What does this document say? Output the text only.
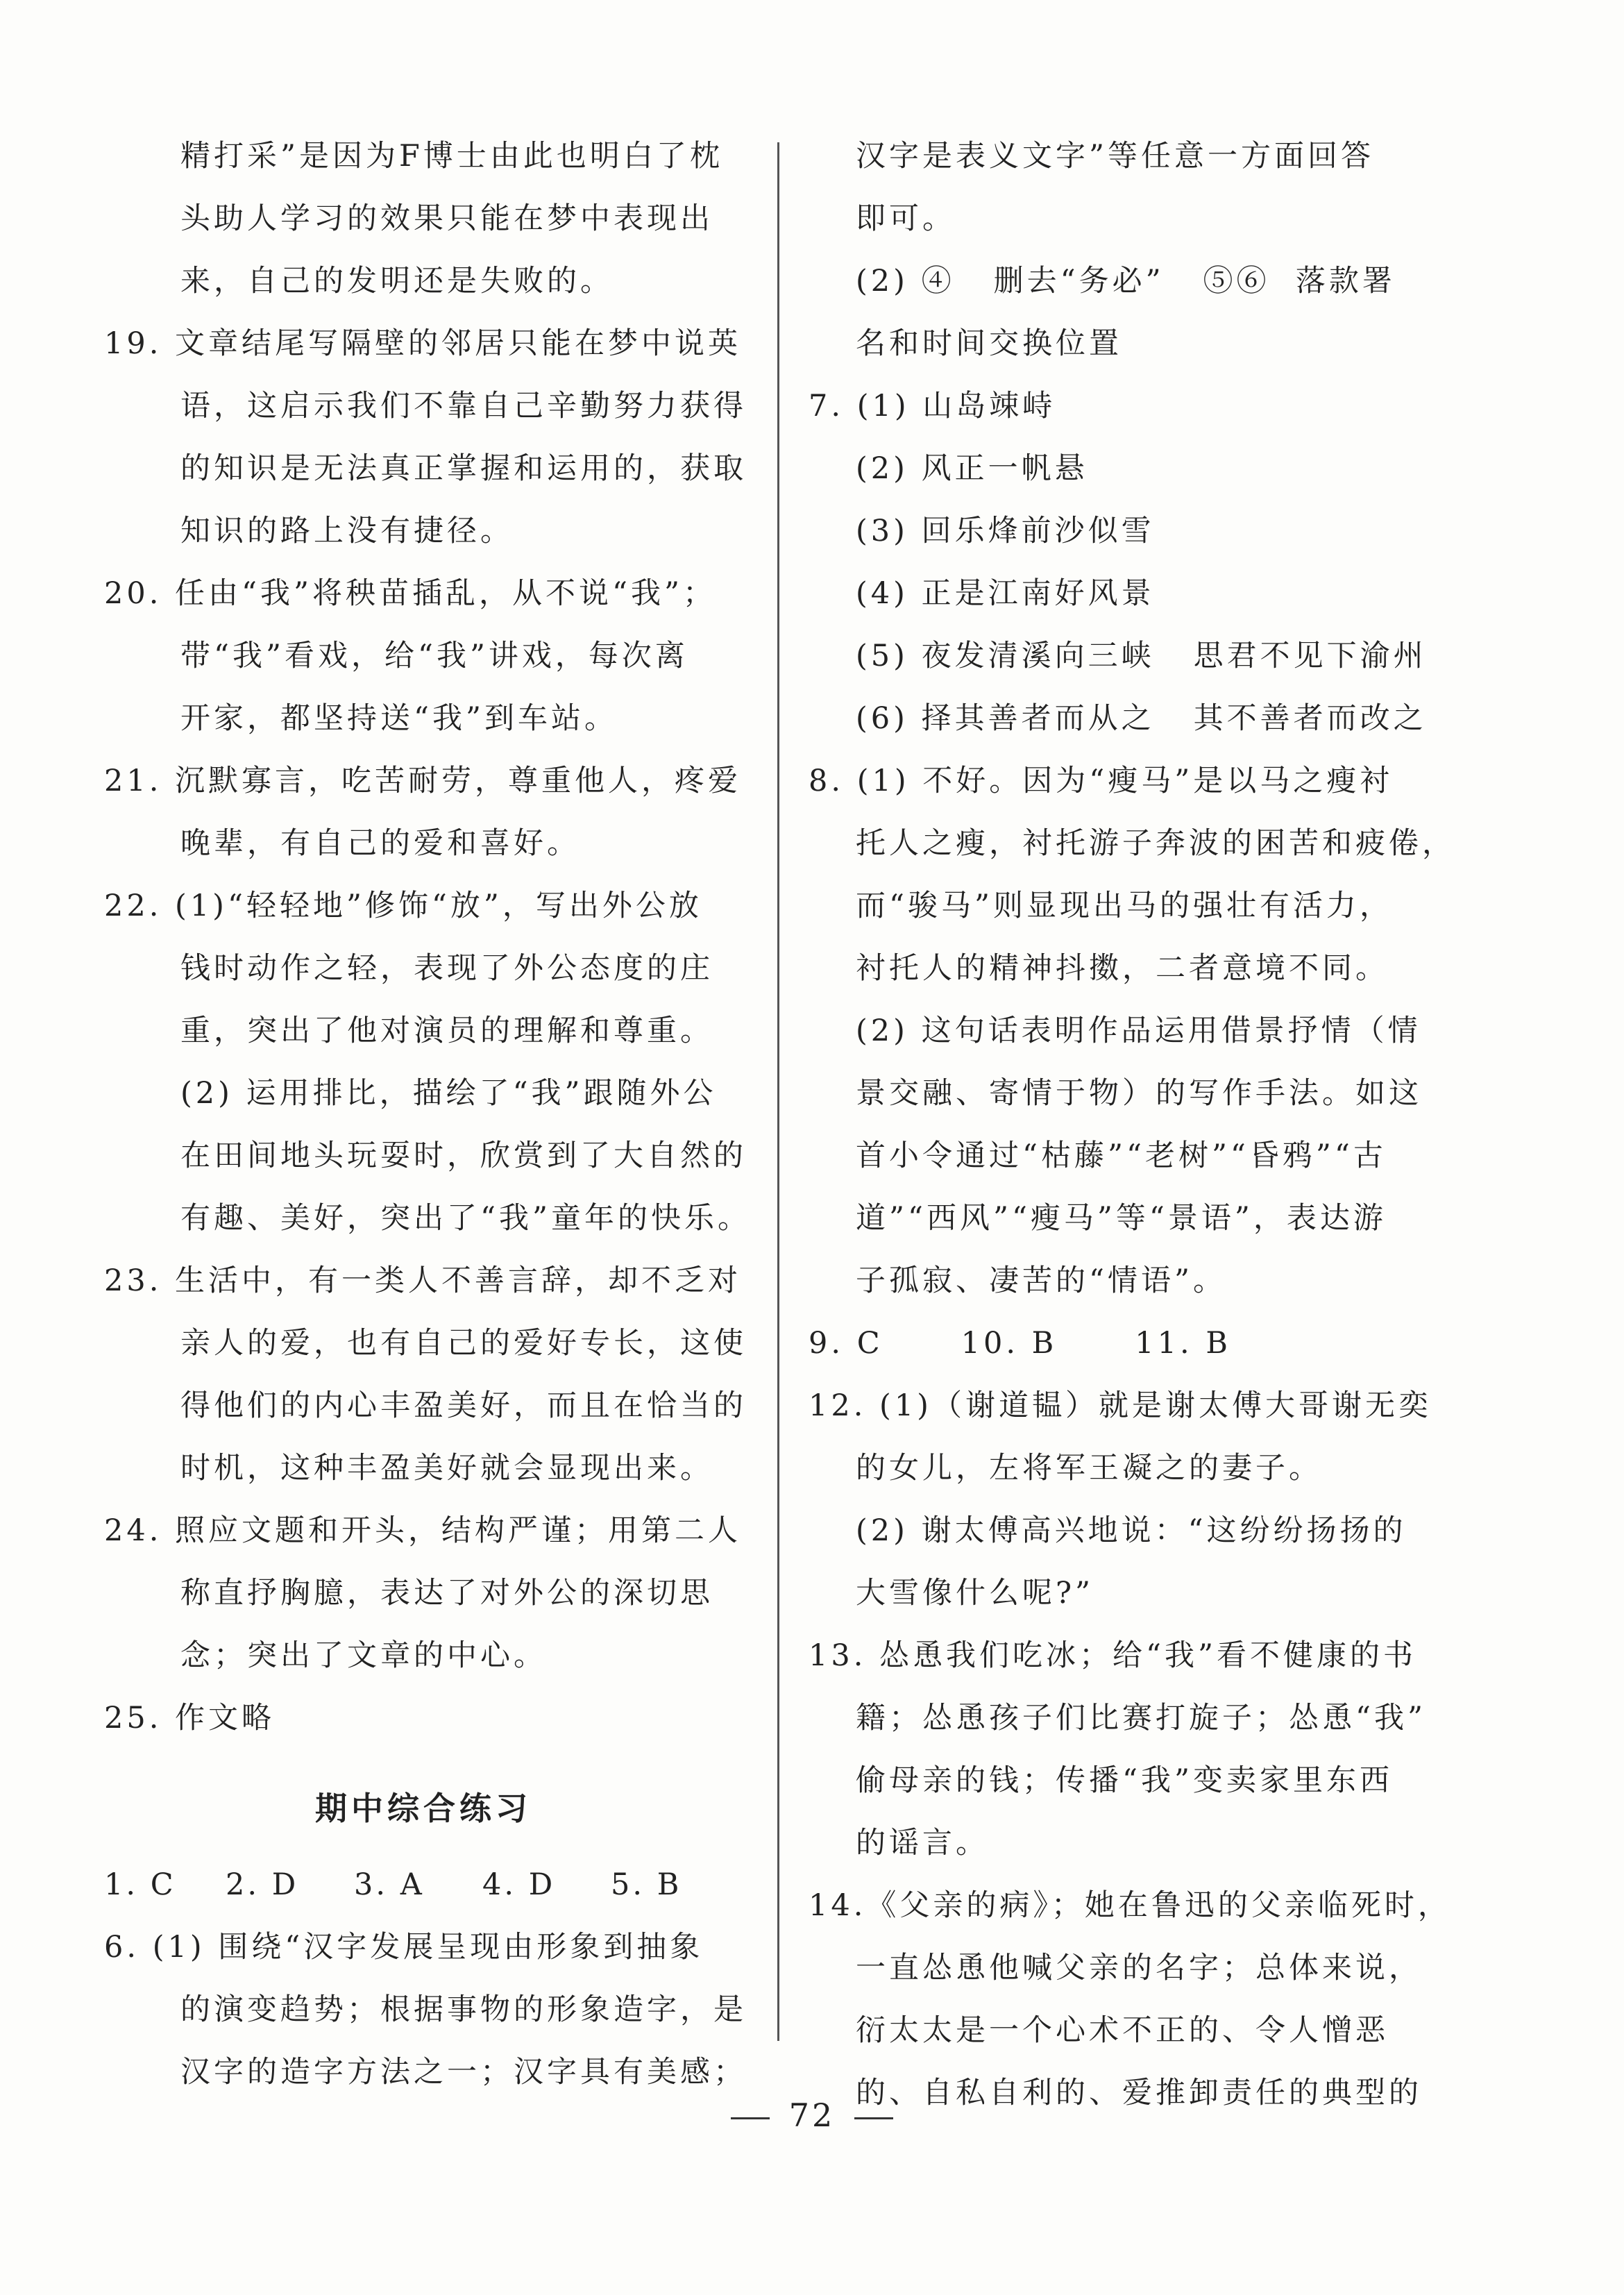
精打采”是因为F博士由此也明白了枕
头助人学习的效果只能在梦中表现出
来，自己的发明还是失败的。
19. 文章结尾写隔壁的邻居只能在梦中说英
语，这启示我们不靠自己辛勤努力获得
的知识是无法真正掌握和运用的，获取
知识的路上没有捷径。
20. 任由“我”将秧苗插乱，从不说“我”；
带“我”看戏，给“我”讲戏，每次离
开家，都坚持送“我”到车站。
21. 沉默寡言，吃苦耐劳，尊重他人，疼爱
晚辈，有自己的爱和喜好。
22. (1)“轻轻地”修饰“放”，写出外公放
钱时动作之轻，表现了外公态度的庄
重，突出了他对演员的理解和尊重。
(2) 运用排比，描绘了“我”跟随外公
在田间地头玩耍时，欣赏到了大自然的
有趣、美好，突出了“我”童年的快乐。
23. 生活中，有一类人不善言辞，却不乏对
亲人的爱，也有自己的爱好专长，这使
得他们的内心丰盈美好，而且在恰当的
时机，这种丰盈美好就会显现出来。
24. 照应文题和开头，结构严谨；用第二人
称直抒胸臆，表达了对外公的深切思
念；突出了文章的中心。
25. 作文略
期中综合练习
1. C	2. D	3. A	4. D	5. B
6. (1) 围绕“汉字发展呈现由形象到抽象
的演变趋势；根据事物的形象造字，是
汉字的造字方法之一；汉字具有美感；
汉字是表义文字”等任意一方面回答
即可。
(2) ④   删去“务必”   ⑤⑥  落款署
名和时间交换位置
7. (1) 山岛竦峙
(2) 风正一帆悬
(3) 回乐烽前沙似雪
(4) 正是江南好风景
(5) 夜发清溪向三峡   思君不见下渝州
(6) 择其善者而从之   其不善者而改之
8. (1) 不好。因为“瘦马”是以马之瘦衬
托人之瘦，衬托游子奔波的困苦和疲倦，
而“骏马”则显现出马的强壮有活力，
衬托人的精神抖擞，二者意境不同。
(2) 这句话表明作品运用借景抒情（情
景交融、寄情于物）的写作手法。如这
首小令通过“枯藤”“老树”“昏鸦”“古
道”“西风”“瘦马”等“景语”，表达游
子孤寂、凄苦的“情语”。
9. C      10. B      11. B
12. (1)（谢道韫）就是谢太傅大哥谢无奕
的女儿，左将军王凝之的妻子。
(2) 谢太傅高兴地说：“这纷纷扬扬的
大雪像什么呢?”
13. 怂恿我们吃冰；给“我”看不健康的书
籍；怂恿孩子们比赛打旋子；怂恿“我”
偷母亲的钱；传播“我”变卖家里东西
的谣言。
14.《父亲的病》；她在鲁迅的父亲临死时，
一直怂恿他喊父亲的名字；总体来说，
衍太太是一个心术不正的、令人憎恶
的、自私自利的、爱推卸责任的典型的
72
